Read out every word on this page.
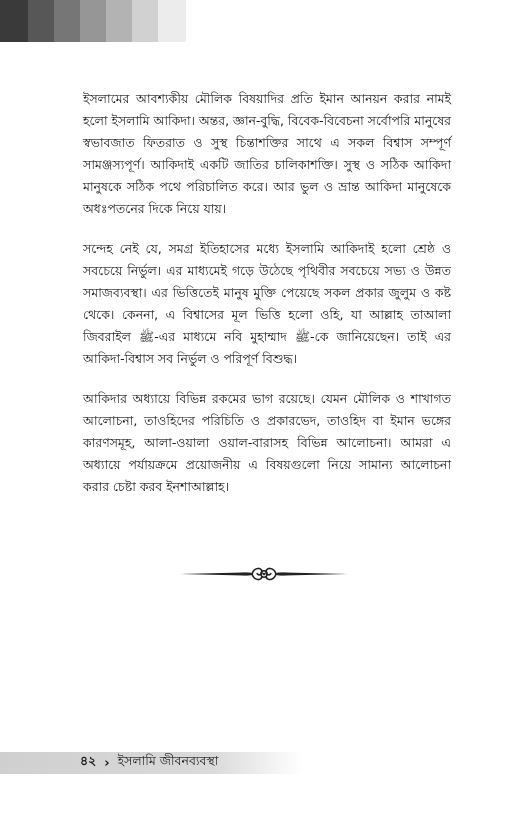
ইসলামের আবশ্যকীয় মৌলিক বিষয়াদির প্রতি ইমান আনয়ন করার নামই হলো ইসলামি আকিদা। অন্তর, জ্ঞান-বুদ্ধি, বিবেক-বিবেচনা সর্বোপরি মানুষের স্বভাবজাত ফিতরাত ও সুস্থ চিন্তাশক্তির সাথে এ সকল বিশ্বাস সম্পূর্ণ সামঞ্জস্যপূর্ণ। আকিদাই একটি জাতির চালিকাশক্তি। সুস্থ ও সঠিক আকিদা মানুষকে সঠিক পথে পরিচালিত করে। আর ভুল ও ভ্রান্ত আকিদা মানুষেকে অধঃপতনের দিকে নিয়ে যায়।

সন্দেহ নেই যে, সমগ্র ইতিহাসের মধ্যে ইসলামি আকিদাই হলো শ্রেষ্ঠ ও সবচেয়ে নির্ভুল। এর মাধ্যমেই গড়ে উঠেছে পৃথিবীর সবচেয়ে সভ্য ও উন্নত সমাজব্যবস্থা। এর ভিত্তিতেই মানুষ মুক্তি পেয়েছে সকল প্রকার জুলুম ও কষ্ট থেকে। কেননা, এ বিশ্বাসের মূল ভিত্তি হলো ওহি, যা আল্লাহ তাআলা জিবরাইল ﷺ-এর মাধ্যমে নবি মুহাম্মাদ ﷺ-কে জানিয়েছেন। তাই এর আকিদা-বিশ্বাস সব নির্ভুল ও পরিপূর্ণ বিশুদ্ধ।

আকিদার অধ্যায়ে বিভিন্ন রকমের ভাগ রয়েছে। যেমন মৌলিক ও শাখাগত আলোচনা, তাওহিদের পরিচিতি ও প্রকারভেদ, তাওহিদ বা ইমান ভঙ্গের কারণসমূহ, আলা-ওয়ালা ওয়াল-বারাসহ বিভিন্ন আলোচনা। আমরা এ অধ্যায়ে পর্যায়ক্রমে প্রয়োজনীয় এ বিষয়গুলো নিয়ে সামান্য আলোচনা করার চেষ্টা করব ইনশাআল্লাহ।

৪২ › ইসলামি জীবনব্যবস্থা
